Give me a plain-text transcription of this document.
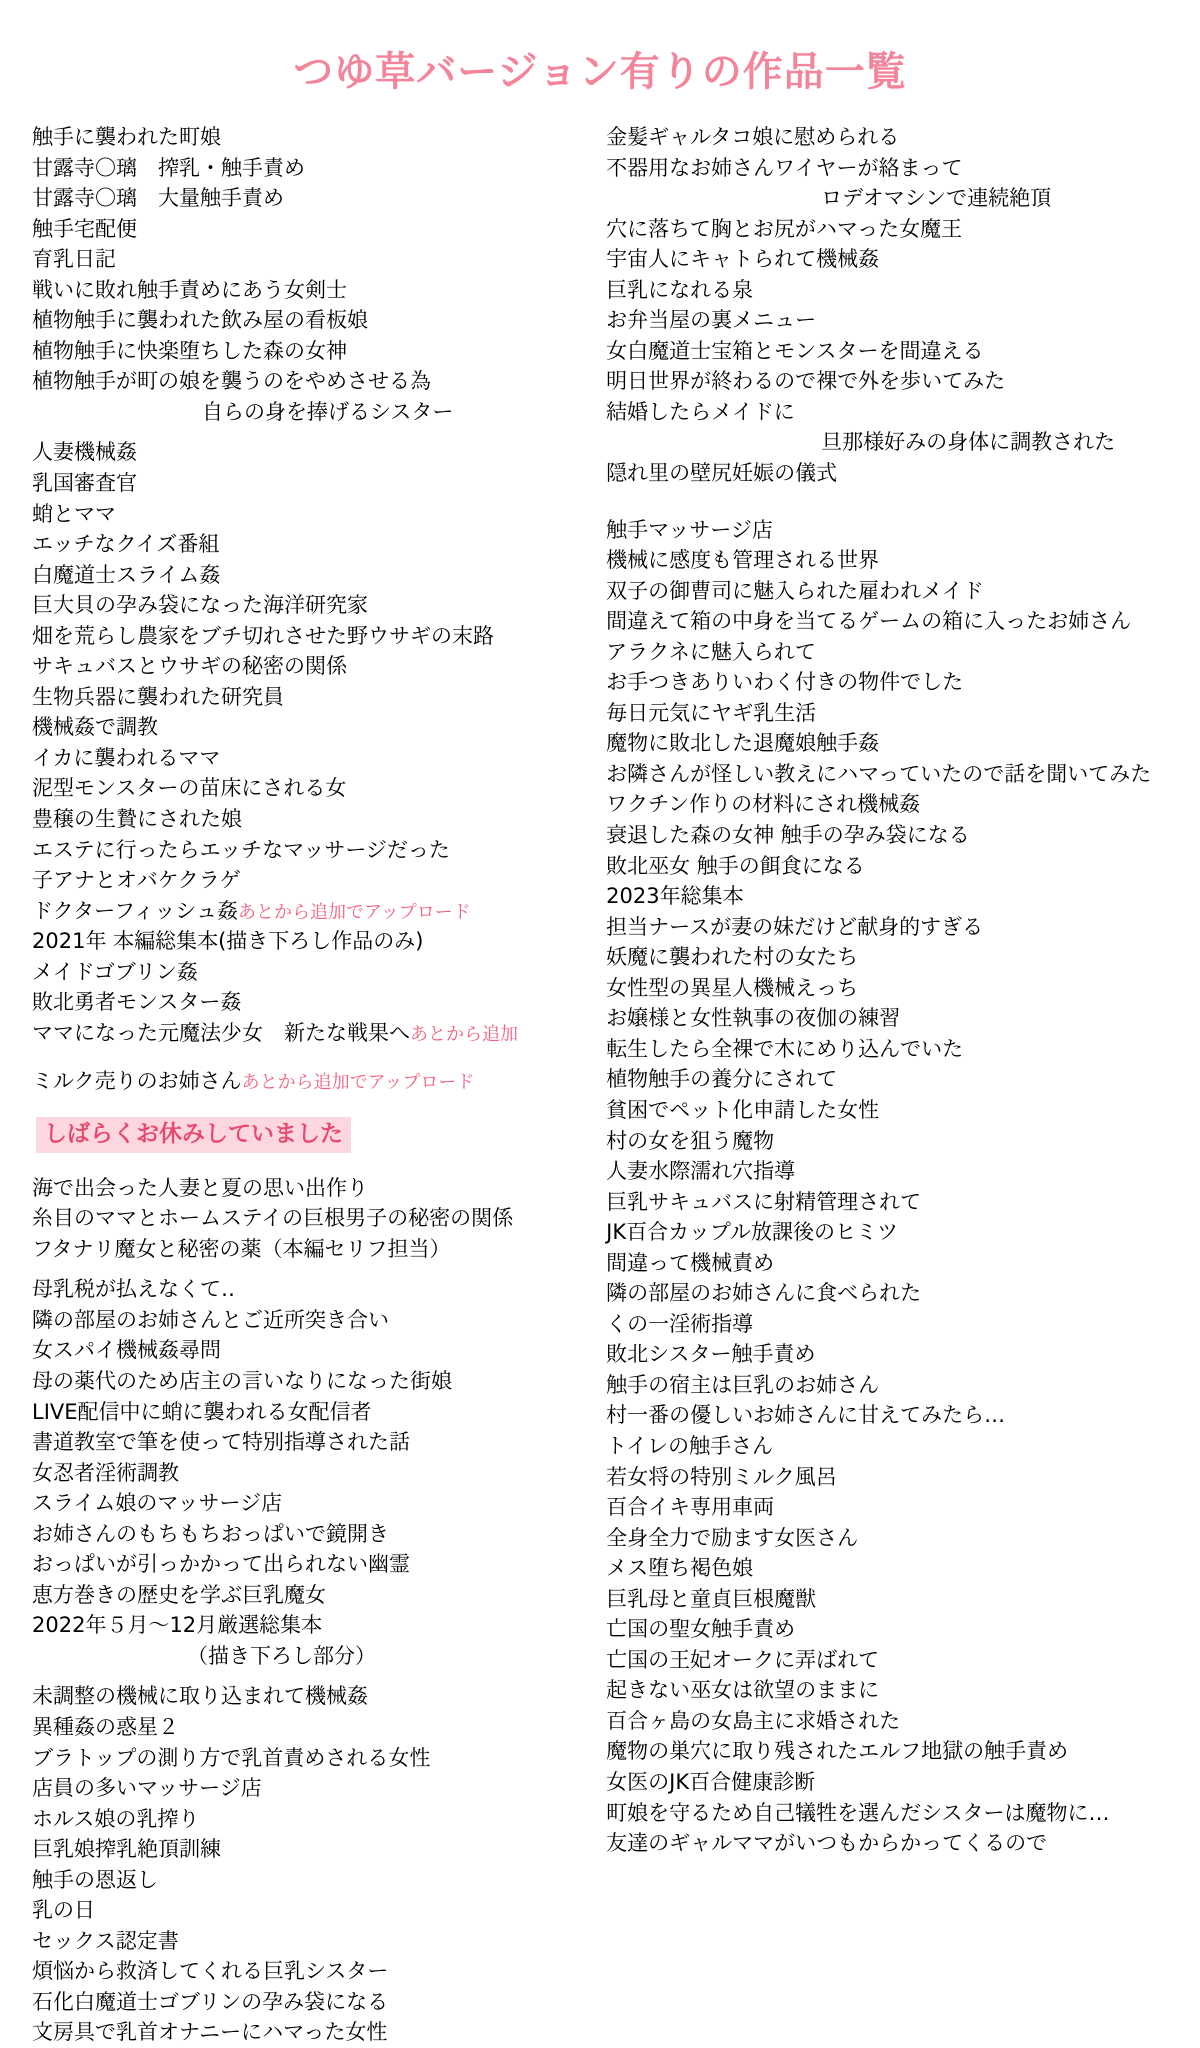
つゆ草バージョン有りの作品一覧
触手に襲われた町娘
甘露寺〇璃　搾乳・触手責め
甘露寺〇璃　大量触手責め
触手宅配便
育乳日記
戦いに敗れ触手責めにあう女剣士
植物触手に襲われた飲み屋の看板娘
植物触手に快楽堕ちした森の女神
植物触手が町の娘を襲うのをやめさせる為
自らの身を捧げるシスター
人妻機械姦
乳国審査官
蛸とママ
エッチなクイズ番組
白魔道士スライム姦
巨大貝の孕み袋になった海洋研究家
畑を荒らし農家をブチ切れさせた野ウサギの末路
サキュバスとウサギの秘密の関係
生物兵器に襲われた研究員
機械姦で調教
イカに襲われるママ
泥型モンスターの苗床にされる女
豊穣の生贄にされた娘
エステに行ったらエッチなマッサージだった
子アナとオバケクラゲ
ドクターフィッシュ姦あとから追加でアップロード
2021年 本編総集本(描き下ろし作品のみ)
メイドゴブリン姦
敗北勇者モンスター姦
ママになった元魔法少女　新たな戦果へあとから追加
ミルク売りのお姉さんあとから追加でアップロード
しばらくお休みしていました
海で出会った人妻と夏の思い出作り
糸目のママとホームステイの巨根男子の秘密の関係
フタナリ魔女と秘密の薬（本編セリフ担当）
母乳税が払えなくて‥
隣の部屋のお姉さんとご近所突き合い
女スパイ機械姦尋問
母の薬代のため店主の言いなりになった街娘
LIVE配信中に蛸に襲われる女配信者
書道教室で筆を使って特別指導された話
女忍者淫術調教
スライム娘のマッサージ店
お姉さんのもちもちおっぱいで鏡開き
おっぱいが引っかかって出られない幽霊
恵方巻きの歴史を学ぶ巨乳魔女
2022年５月〜12月厳選総集本
（描き下ろし部分）
未調整の機械に取り込まれて機械姦
異種姦の惑星２
ブラトップの測り方で乳首責めされる女性
店員の多いマッサージ店
ホルス娘の乳搾り
巨乳娘搾乳絶頂訓練
触手の恩返し
乳の日
セックス認定書
煩悩から救済してくれる巨乳シスター
石化白魔道士ゴブリンの孕み袋になる
文房具で乳首オナニーにハマった女性
金髪ギャルタコ娘に慰められる
不器用なお姉さんワイヤーが絡まって
ロデオマシンで連続絶頂
穴に落ちて胸とお尻がハマった女魔王
宇宙人にキャトられて機械姦
巨乳になれる泉
お弁当屋の裏メニュー
女白魔道士宝箱とモンスターを間違える
明日世界が終わるので裸で外を歩いてみた
結婚したらメイドに
旦那様好みの身体に調教された
隠れ里の壁尻妊娠の儀式
触手マッサージ店
機械に感度も管理される世界
双子の御曹司に魅入られた雇われメイド
間違えて箱の中身を当てるゲームの箱に入ったお姉さん
アラクネに魅入られて
お手つきありいわく付きの物件でした
毎日元気にヤギ乳生活
魔物に敗北した退魔娘触手姦
お隣さんが怪しい教えにハマっていたので話を聞いてみた
ワクチン作りの材料にされ機械姦
衰退した森の女神 触手の孕み袋になる
敗北巫女 触手の餌食になる
2023年総集本
担当ナースが妻の妹だけど献身的すぎる
妖魔に襲われた村の女たち
女性型の異星人機械えっち
お嬢様と女性執事の夜伽の練習
転生したら全裸で木にめり込んでいた
植物触手の養分にされて
貧困でペット化申請した女性
村の女を狙う魔物
人妻水際濡れ穴指導
巨乳サキュバスに射精管理されて
JK百合カップル放課後のヒミツ
間違って機械責め
隣の部屋のお姉さんに食べられた
くの一淫術指導
敗北シスター触手責め
触手の宿主は巨乳のお姉さん
村一番の優しいお姉さんに甘えてみたら…
トイレの触手さん
若女将の特別ミルク風呂
百合イキ専用車両
全身全力で励ます女医さん
メス堕ち褐色娘
巨乳母と童貞巨根魔獣
亡国の聖女触手責め
亡国の王妃オークに弄ばれて
起きない巫女は欲望のままに
百合ヶ島の女島主に求婚された
魔物の巣穴に取り残されたエルフ地獄の触手責め
女医のJK百合健康診断
町娘を守るため自己犠牲を選んだシスターは魔物に…
友達のギャルママがいつもからかってくるので
